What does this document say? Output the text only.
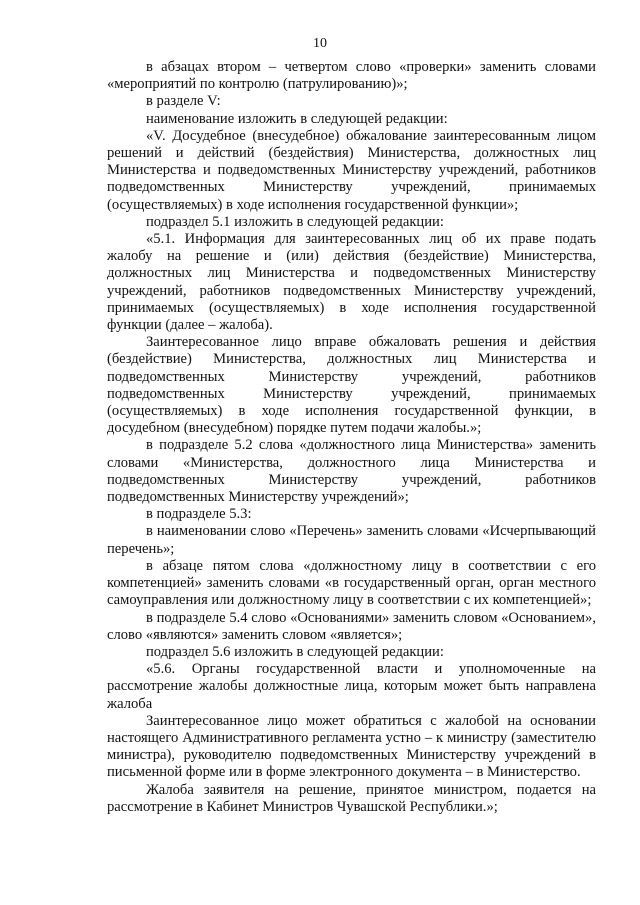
10

в абзацах втором – четвертом слово «проверки» заменить словами «мероприятий по контролю (патрулированию)»;

в разделе V:

наименование изложить в следующей редакции:

«V. Досудебное (внесудебное) обжалование заинтересованным лицом решений и действий (бездействия) Министерства, должностных лиц Министерства и подведомственных Министерству учреждений, работников подведомственных Министерству учреждений, принимаемых (осуществляемых) в ходе исполнения государственной функции»;

подраздел 5.1 изложить в следующей редакции:

«5.1. Информация для заинтересованных лиц об их праве подать жалобу на решение и (или) действия (бездействие) Министерства, должностных лиц Министерства и подведомственных Министерству учреждений, работников подведомственных Министерству учреждений, принимаемых (осуществляемых) в ходе исполнения государственной функции (далее – жалоба).

Заинтересованное лицо вправе обжаловать решения и действия (бездействие) Министерства, должностных лиц Министерства и подведомственных Министерству учреждений, работников подведомственных Министерству учреждений, принимаемых (осуществляемых) в ходе исполнения государственной функции, в досудебном (внесудебном) порядке путем подачи жалобы.»;

в подразделе 5.2 слова «должностного лица Министерства» заменить словами «Министерства, должностного лица Министерства и подведомственных Министерству учреждений, работников подведомственных Министерству учреждений»;

в подразделе 5.3:

в наименовании слово «Перечень» заменить словами «Исчерпывающий перечень»;

в абзаце пятом слова «должностному лицу в соответствии с его компетенцией» заменить словами «в государственный орган, орган местного самоуправления или должностному лицу в соответствии с их компетенцией»;

в подразделе 5.4 слово «Основаниями» заменить словом «Основанием», слово «являются» заменить словом «является»;

подраздел 5.6 изложить в следующей редакции:

«5.6. Органы государственной власти и уполномоченные на рассмотрение жалобы должностные лица, которым может быть направлена жалоба

Заинтересованное лицо может обратиться с жалобой на основании настоящего Административного регламента устно – к министру (заместителю министра), руководителю подведомственных Министерству учреждений в письменной форме или в форме электронного документа – в Министерство.

Жалоба заявителя на решение, принятое министром, подается на рассмотрение в Кабинет Министров Чувашской Республики.»;
